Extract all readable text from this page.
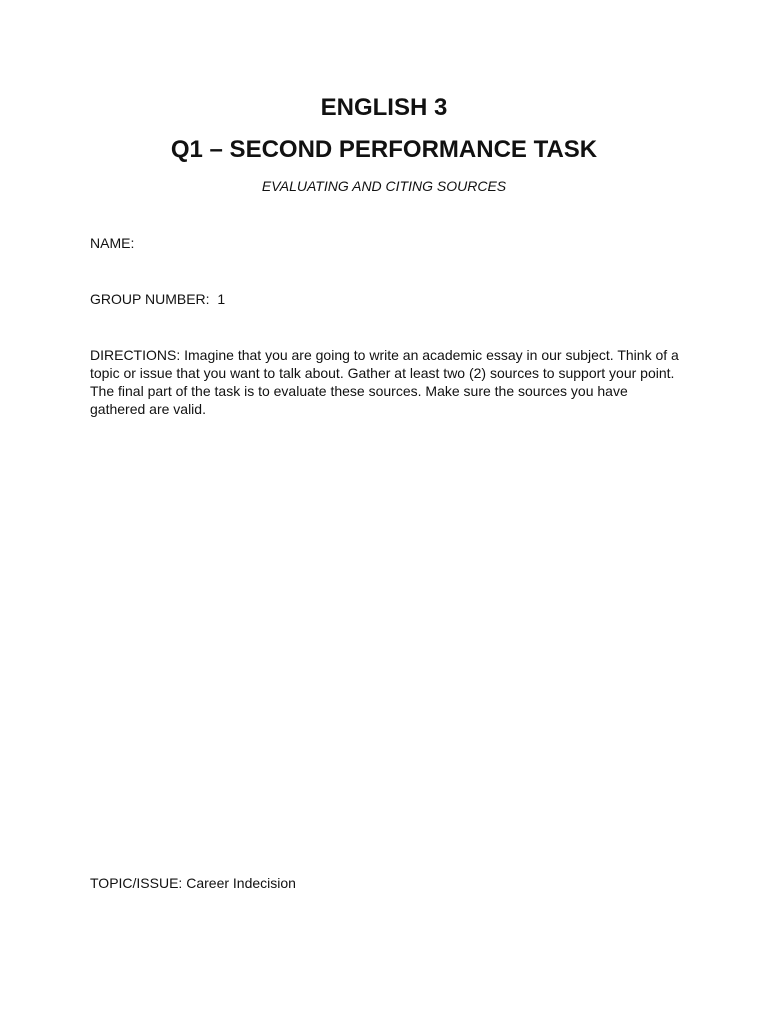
ENGLISH 3
Q1 – SECOND PERFORMANCE TASK

EVALUATING AND CITING SOURCES

NAME:

GROUP NUMBER: 1

DIRECTIONS: Imagine that you are going to write an academic essay in our subject. Think of a topic or issue that you want to talk about. Gather at least two (2) sources to support your point. The final part of the task is to evaluate these sources. Make sure the sources you have gathered are valid.

TOPIC/ISSUE: Career Indecision
